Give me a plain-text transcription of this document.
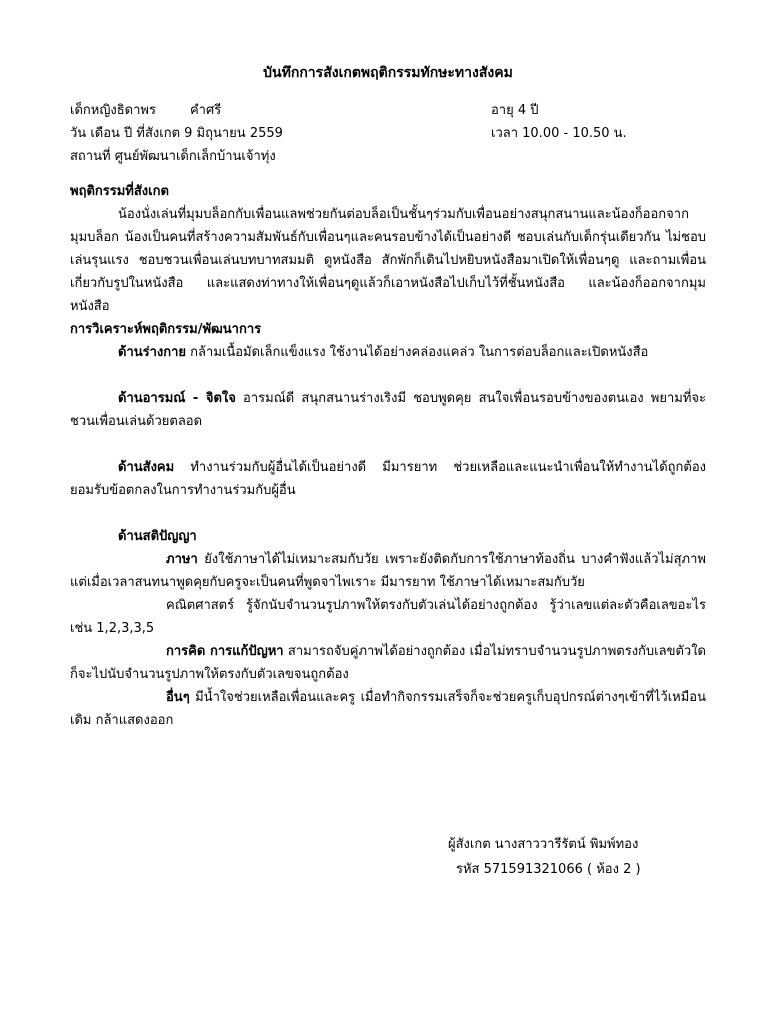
บันทึกการสังเกตพฤติกรรมทักษะทางสังคม
เด็กหญิงธิดาพร	คำศรี	อายุ 4 ปี
วัน เดือน ปี ที่สังเกต 9 มิถุนายน 2559	เวลา 10.00 - 10.50 น.
สถานที่ ศูนย์พัฒนาเด็กเล็กบ้านเจ้าทุ่ง
พฤติกรรมที่สังเกต

น้องนั่งเล่นที่มุมบล็อกกับเพื่อนแลพช่วยกันต่อบล็อเป็นชั้นๆร่วมกับเพื่อนอย่างสนุกสนานและน้องก็ออกจากมุมบล็อก น้องเป็นคนที่สร้างความสัมพันธ์กับเพื่อนๆและคนรอบข้างได้เป็นอย่างดี ชอบเล่นกับเด็กรุ่นเดียวกัน ไม่ชอบเล่นรุนแรง ชอบชวนเพื่อนเล่นบทบาทสมมติ ดูหนังสือ สักพักก็เดินไปหยิบหนังสือมาเปิดให้เพื่อนๆดู และถามเพื่อนเกี่ยวกับรูปในหนังสือ และแสดงท่าทางให้เพื่อนๆดูแล้วก็เอาหนังสือไปเก็บไว้ที่ชั้นหนังสือ และน้องก็ออกจากมุมหนังสือ

การวิเคราะห์พฤติกรรม/พัฒนาการ

ด้านร่างกาย กล้ามเนื้อมัดเล็กแข็งแรง ใช้งานได้อย่างคล่องแคล่ว ในการต่อบล็อกและเปิดหนังสือ

ด้านอารมณ์ - จิตใจ อารมณ์ดี สนุกสนานร่างเริงมี ชอบพูดคุย สนใจเพื่อนรอบข้างของตนเอง พยามที่จะชวนเพื่อนเล่นด้วยตลอด

ด้านสังคม ทำงานร่วมกับผู้อื่นได้เป็นอย่างดี มีมารยาท ช่วยเหลือและแนะนำเพื่อนให้ทำงานได้ถูกต้อง ยอมรับข้อตกลงในการทำงานร่วมกับผู้อื่น

ด้านสติปัญญา

ภาษา ยังใช้ภาษาได้ไม่เหมาะสมกับวัย เพราะยังติดกับการใช้ภาษาท้องถิ่น บางคำฟังแล้วไม่สุภาพ แต่เมื่อเวลาสนทนาพูดคุยกับครูจะเป็นคนที่พูดจาไพเราะ มีมารยาท ใช้ภาษาได้เหมาะสมกับวัย

คณิตศาสตร์ รู้จักนับจำนวนรูปภาพให้ตรงกับตัวเล่นได้อย่างถูกต้อง รู้ว่าเลขแต่ละตัวคือเลขอะไร เช่น 1,2,3,3,5

การคิด การแก้ปัญหา สามารถจับคู่ภาพได้อย่างถูกต้อง เมื่อไม่ทราบจำนวนรูปภาพตรงกับเลขตัวใดก็จะไปนับจำนวนรูปภาพให้ตรงกับตัวเลขจนถูกต้อง

อื่นๆ มีน้ำใจช่วยเหลือเพื่อนและครู เมื่อทำกิจกรรมเสร็จก็จะช่วยครูเก็บอุปกรณ์ต่างๆเข้าที่ไว้เหมือนเดิม กล้าแสดงออก

ผู้สังเกต นางสาววารีรัตน์ พิมพ์ทอง
รหัส 571591321066 ( ห้อง 2 )
